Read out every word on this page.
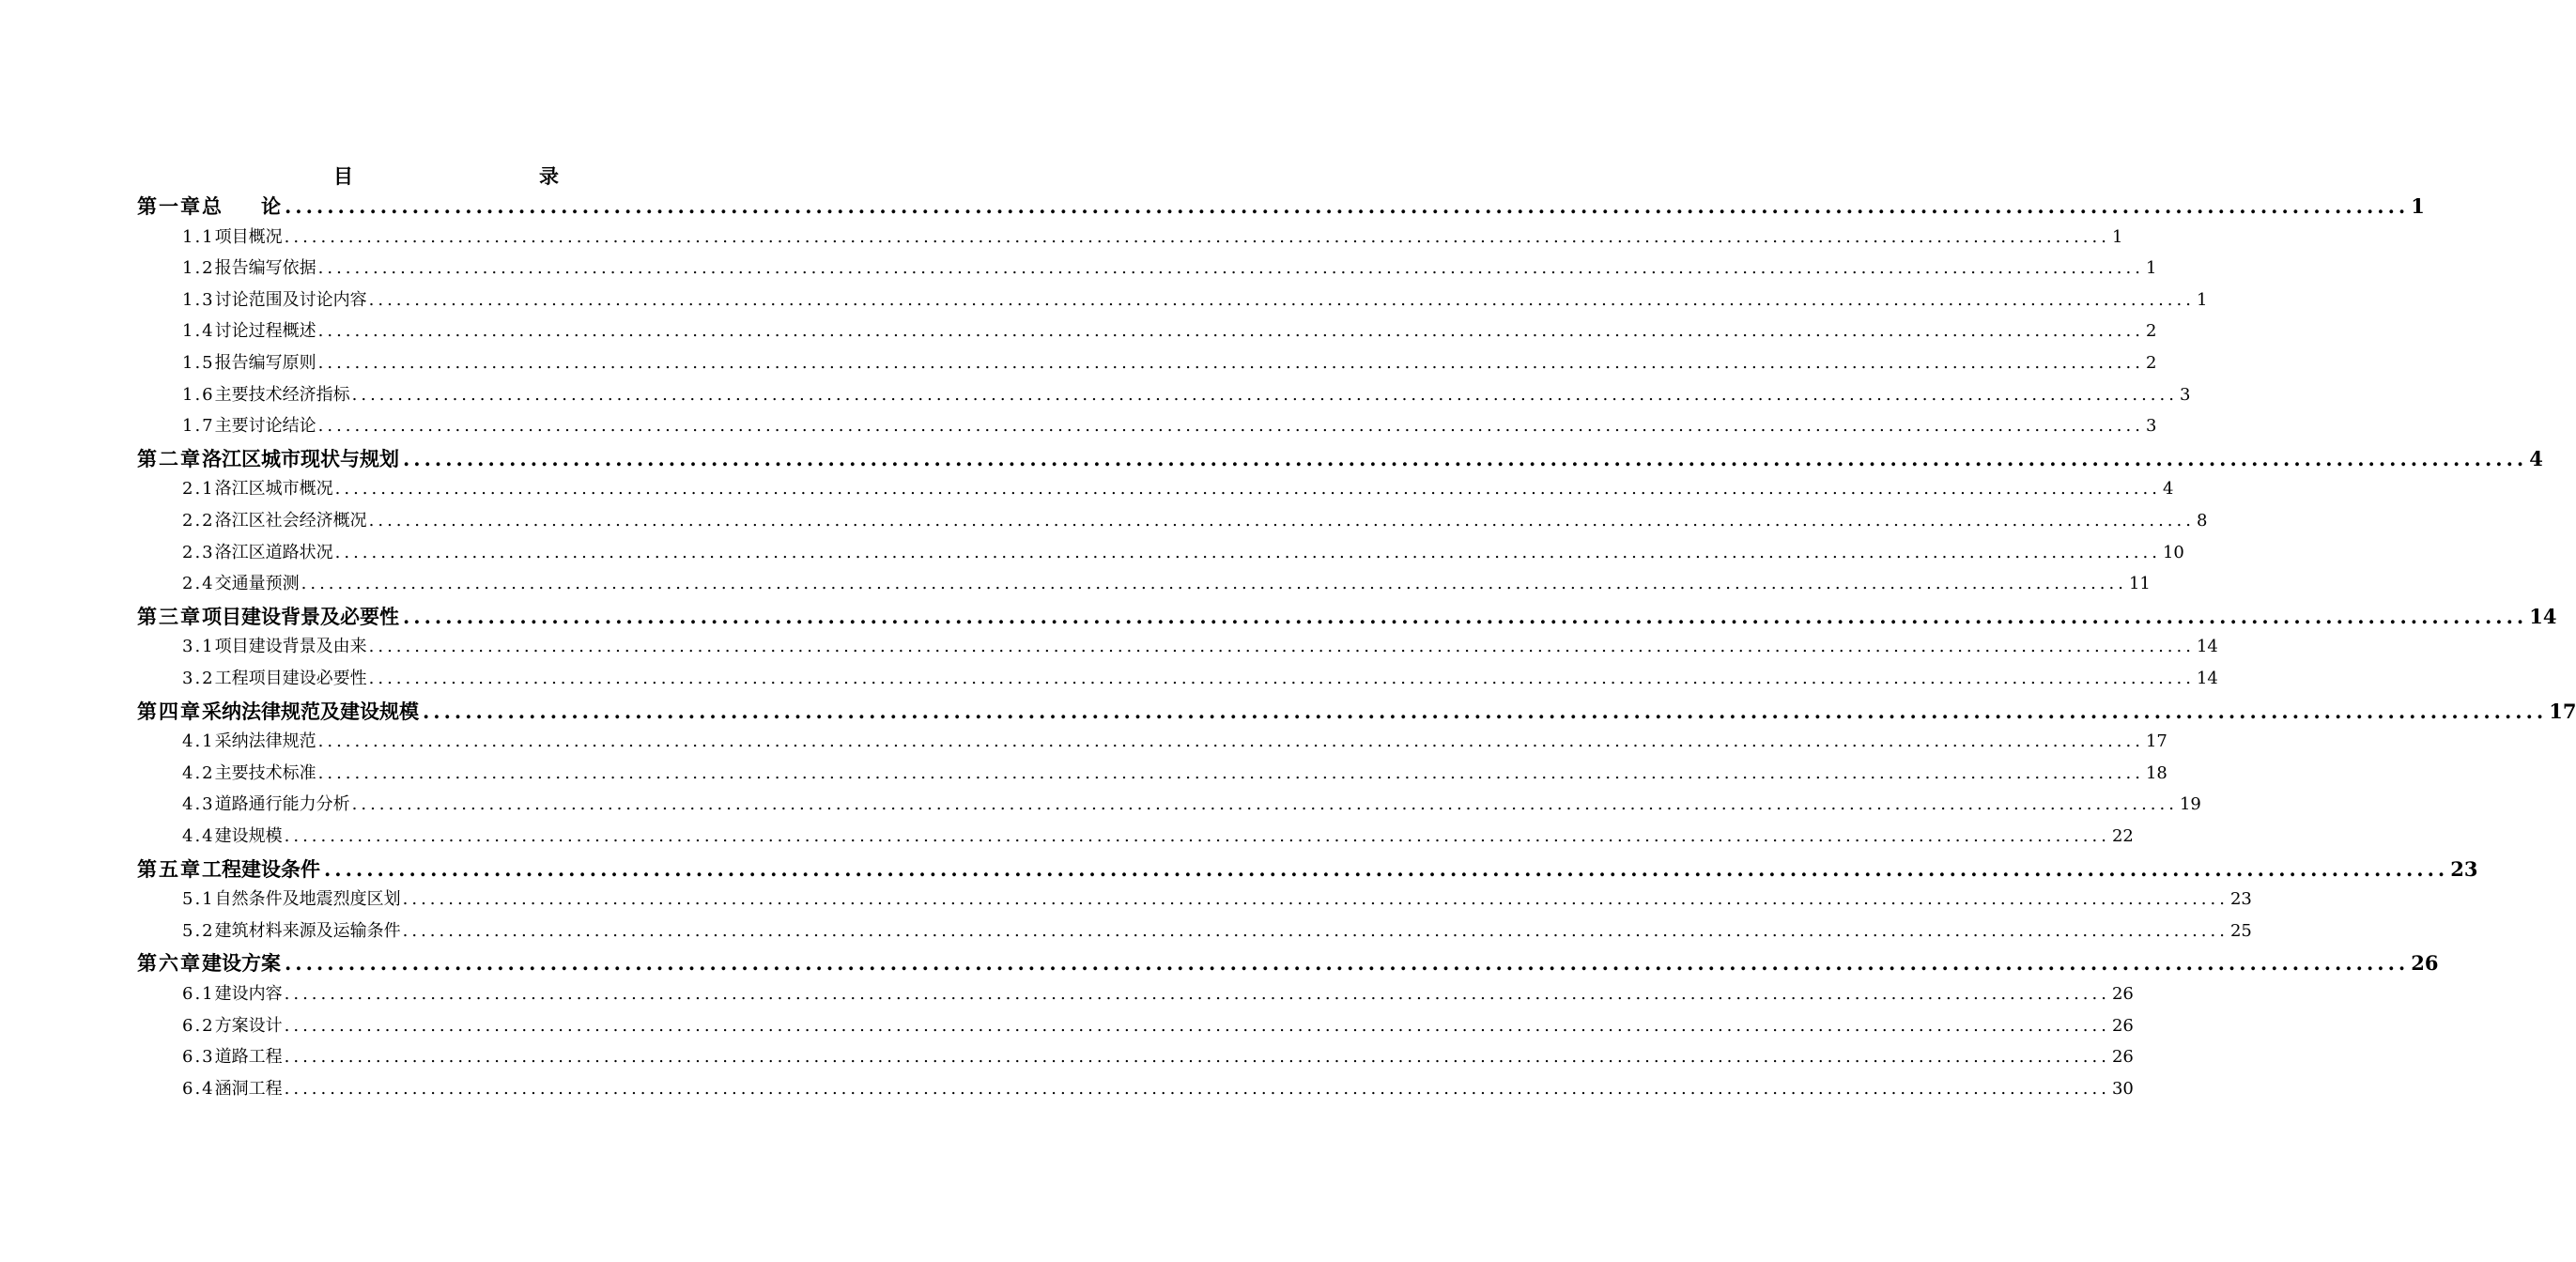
目　　录
第一章 总　　论 ........................................................................................................................................................................................................ 1
1.1 项目概况 ........................................................................................................................................................................................................ 1
1.2 报告编写依据 ........................................................................................................................................................................................................ 1
1.3 讨论范围及讨论内容 ........................................................................................................................................................................................................ 1
1.4 讨论过程概述 ........................................................................................................................................................................................................ 2
1.5 报告编写原则 ........................................................................................................................................................................................................ 2
1.6 主要技术经济指标 ........................................................................................................................................................................................................ 3
1.7 主要讨论结论 ........................................................................................................................................................................................................ 3
第二章 洛江区城市现状与规划 ........................................................................................................................................................................................................ 4
2.1 洛江区城市概况 ........................................................................................................................................................................................................ 4
2.2 洛江区社会经济概况 ........................................................................................................................................................................................................ 8
2.3 洛江区道路状况 ........................................................................................................................................................................................................ 10
2.4 交通量预测 ........................................................................................................................................................................................................ 11
第三章 项目建设背景及必要性 ........................................................................................................................................................................................................ 14
3.1 项目建设背景及由来 ........................................................................................................................................................................................................ 14
3.2 工程项目建设必要性 ........................................................................................................................................................................................................ 14
第四章 采纳法律规范及建设规模 ........................................................................................................................................................................................................ 17
4.1 采纳法律规范 ........................................................................................................................................................................................................ 17
4.2 主要技术标准 ........................................................................................................................................................................................................ 18
4.3 道路通行能力分析 ........................................................................................................................................................................................................ 19
4.4 建设规模 ........................................................................................................................................................................................................ 22
第五章 工程建设条件 ........................................................................................................................................................................................................ 23
5.1 自然条件及地震烈度区划 ........................................................................................................................................................................................................ 23
5.2 建筑材料来源及运输条件 ........................................................................................................................................................................................................ 25
第六章 建设方案 ........................................................................................................................................................................................................ 26
6.1 建设内容 ........................................................................................................................................................................................................ 26
6.2 方案设计 ........................................................................................................................................................................................................ 26
6.3 道路工程 ........................................................................................................................................................................................................ 26
6.4 涵洞工程 ........................................................................................................................................................................................................ 30
